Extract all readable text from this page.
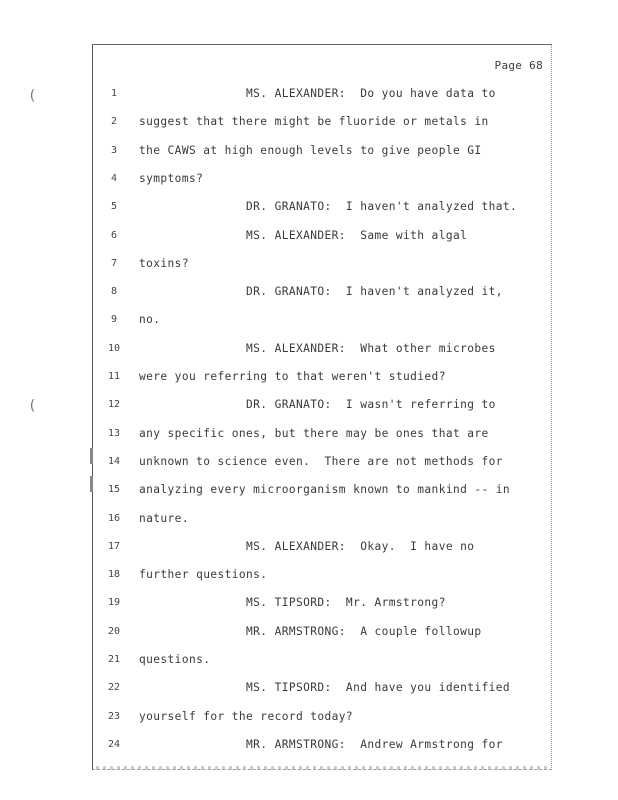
Page 68
1	MS. ALEXANDER:  Do you have data to
2	suggest that there might be fluoride or metals in
3	the CAWS at high enough levels to give people GI
4	symptoms?
5	DR. GRANATO:  I haven't analyzed that.
6	MS. ALEXANDER:  Same with algal
7	toxins?
8	DR. GRANATO:  I haven't analyzed it,
9	no.
10	MS. ALEXANDER:  What other microbes
11	were you referring to that weren't studied?
12	DR. GRANATO:  I wasn't referring to
13	any specific ones, but there may be ones that are
14	unknown to science even.  There are not methods for
15	analyzing every microorganism known to mankind -- in
16	nature.
17	MS. ALEXANDER:  Okay.  I have no
18	further questions.
19	MS. TIPSORD:  Mr. Armstrong?
20	MR. ARMSTRONG:  A couple followup
21	questions.
22	MS. TIPSORD:  And have you identified
23	yourself for the record today?
24	MR. ARMSTRONG:  Andrew Armstrong for
(
(
